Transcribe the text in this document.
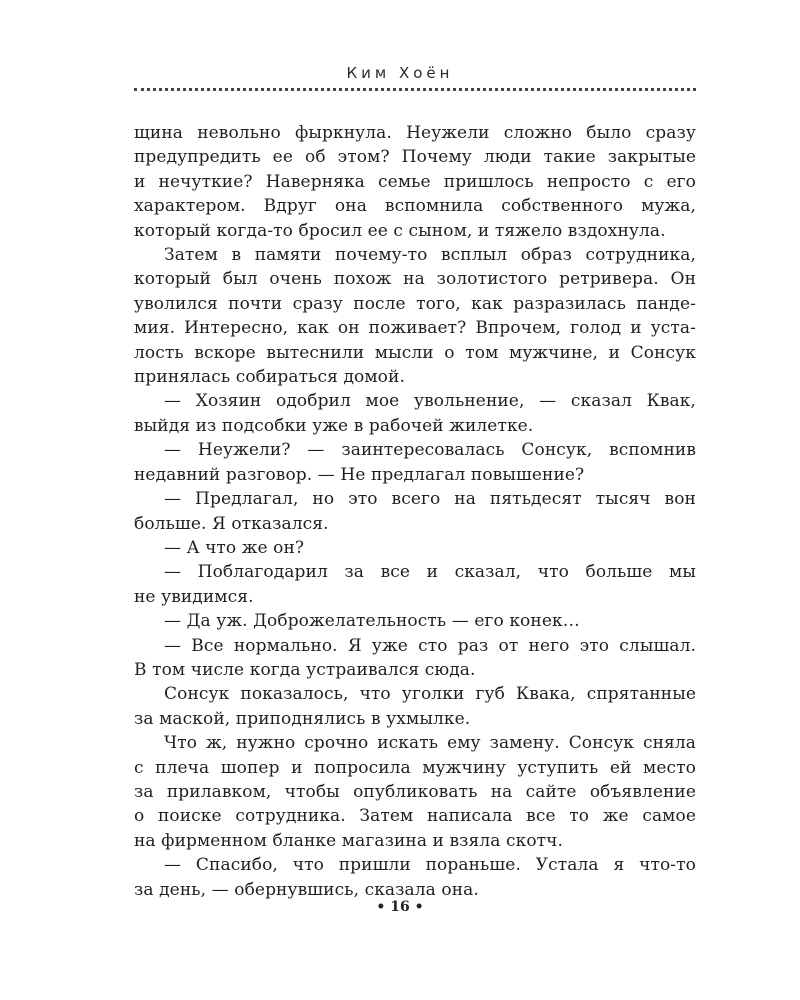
Ким Хоён
щина невольно фыркнула. Неужели сложно было сразу
предупредить ее об этом? Почему люди такие закрытые
и нечуткие? Наверняка семье пришлось непросто с его
характером. Вдруг она вспомнила собственного мужа,
который когда-то бросил ее с сыном, и тяжело вздохнула.
Затем в памяти почему-то всплыл образ сотрудника,
который был очень похож на золотистого ретривера. Он
уволился почти сразу после того, как разразилась панде-
мия. Интересно, как он поживает? Впрочем, голод и уста-
лость вскоре вытеснили мысли о том мужчине, и Сонсук
принялась собираться домой.
— Хозяин одобрил мое увольнение, — сказал Квак,
выйдя из подсобки уже в рабочей жилетке.
— Неужели? — заинтересовалась Сонсук, вспомнив
недавний разговор. — Не предлагал повышение?
— Предлагал, но это всего на пятьдесят тысяч вон
больше. Я отказался.
— А что же он?
— Поблагодарил за все и сказал, что больше мы
не увидимся.
— Да уж. Доброжелательность — его конек…
— Все нормально. Я уже сто раз от него это слышал.
В том числе когда устраивался сюда.
Сонсук показалось, что уголки губ Квака, спрятанные
за маской, приподнялись в ухмылке.
Что ж, нужно срочно искать ему замену. Сонсук сняла
с плеча шопер и попросила мужчину уступить ей место
за прилавком, чтобы опубликовать на сайте объявление
о поиске сотрудника. Затем написала все то же самое
на фирменном бланке магазина и взяла скотч.
— Спасибо, что пришли пораньше. Устала я что-то
за день, — обернувшись, сказала она.
• 16 •
